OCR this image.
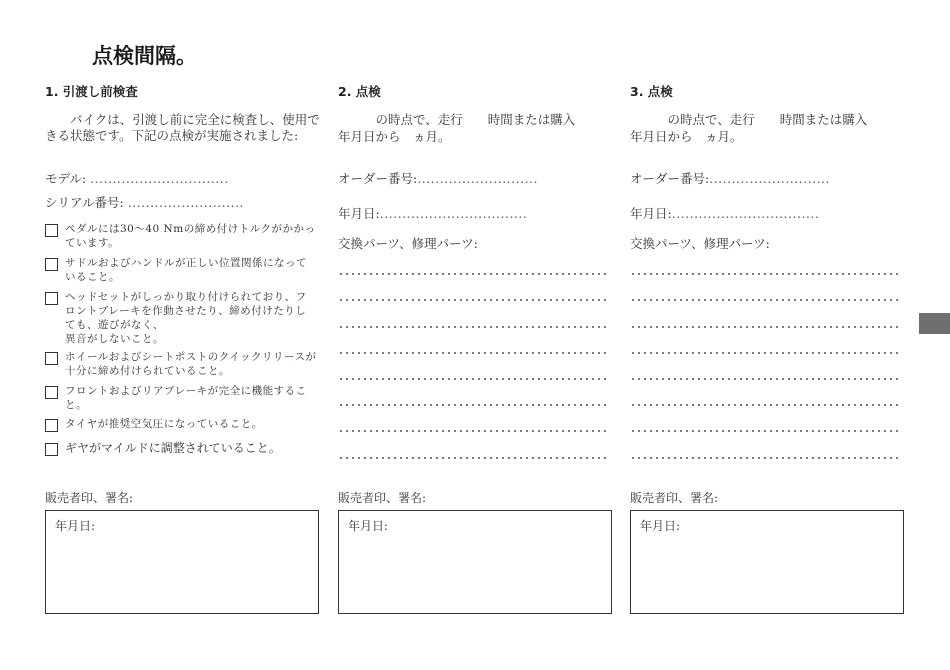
点検間隔。
1. 引渡し前検査
　　バイクは、引渡し前に完全に検査し、使用できる状態です。下記の点検が実施されました:
モデル: ...............................
シリアル番号: ..........................
ペダルには30～40 Nmの締め付けトルクがかかっています。
サドルおよびハンドルが正しい位置関係になっていること。
ヘッドセットがしっかり取り付けられており、フロントブレーキを作動させたり、締め付けたりしても、遊びがなく、
異音がしないこと。
ホイールおよびシートポストのクイックリリースが十分に締め付けられていること。
フロントおよびリアブレーキが完全に機能すること。
タイヤが推奨空気圧になっていること。
ギヤがマイルドに調整されていること。
販売者印、署名:
年月日:
2. 点検
　　　の時点で、走行　　時間または購入
年月日から　ヵ月。
オーダー番号:...........................
年月日:.................................
交換パーツ、修理パーツ:
販売者印、署名:
年月日:
3. 点検
　　　の時点で、走行　　時間または購入
年月日から　ヵ月。
オーダー番号:...........................
年月日:.................................
交換パーツ、修理パーツ:
販売者印、署名:
年月日:
